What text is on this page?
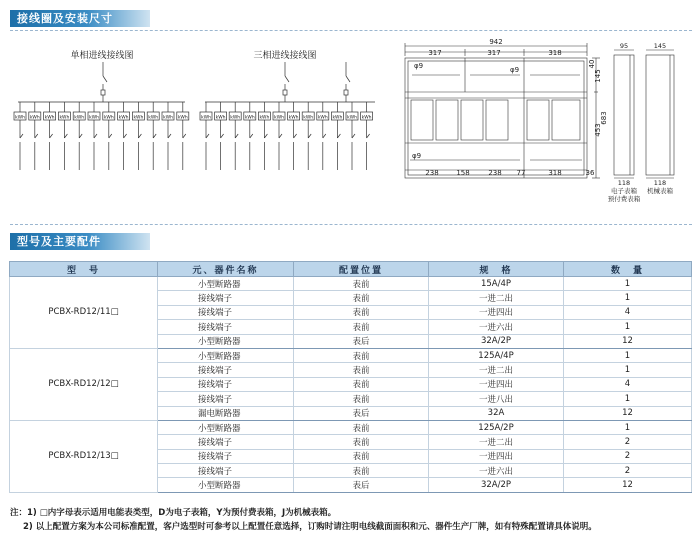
接线圈及安装尺寸
单相进线接线图	三相进线接线图
kWh kWh kWh kWh kWh kWh kWh kWh kWh kWh kWh kWh	kWh kWh kWh kWh kWh kWh kWh kWh kWh kWh kWh kWh
942
317	317	318
238	158	238 77	318	36
683
145
453
40
φ9	φ9
φ9
95	145
118	118
电子表箱
预付费表箱
机械表箱
型号及主要配件
型　号	元、器件名称	配置位置	规　格	数　量
PCBX-RD12/11□	小型断路器	表前	15A/4P	1
	接线端子	表前	一进二出	1
	接线端子	表前	一进四出	4
	接线端子	表前	一进六出	1
	小型断路器	表后	32A/2P	12
PCBX-RD12/12□	小型断路器	表前	125A/4P	1
	接线端子	表前	一进二出	1
	接线端子	表前	一进四出	4
	接线端子	表前	一进八出	1
	漏电断路器	表后	32A	12
PCBX-RD12/13□	小型断路器	表前	125A/2P	1
	接线端子	表前	一进二出	2
	接线端子	表前	一进四出	2
	接线端子	表前	一进六出	2
	小型断路器	表后	32A/2P	12
注：1) □内字母表示适用电能表类型，D为电子表箱，Y为预付费表箱，J为机械表箱。
2) 以上配置方案为本公司标准配置，客户选型时可参考以上配置任意选择，订购时请注明电线截面面积和元、器件生产厂牌，如有特殊配置请具体说明。
